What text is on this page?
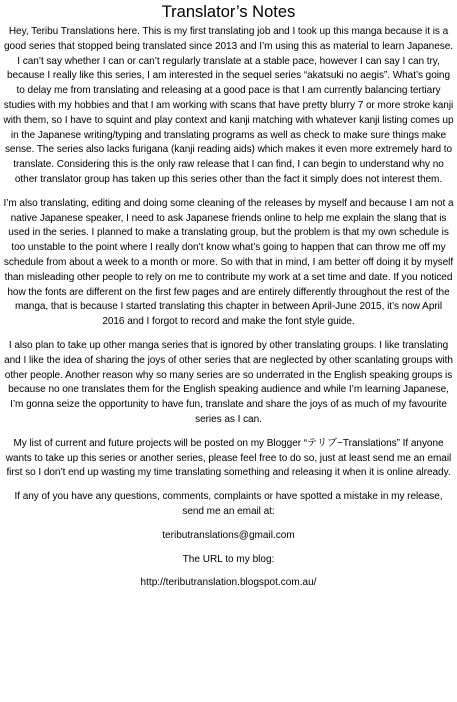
Translator’s Notes

Hey, Teribu Translations here. This is my first translating job and I took up this manga because it is a good series that stopped being translated since 2013 and I’m using this as material to learn Japanese. I can’t say whether I can or can’t regularly translate at a stable pace, however I can say I can try, because I really like this series, I am interested in the sequel series “akatsuki no aegis”. What’s going to delay me from translating and releasing at a good pace is that I am currently balancing tertiary studies with my hobbies and that I am working with scans that have pretty blurry 7 or more stroke kanji with them, so I have to squint and play context and kanji matching with whatever kanji listing comes up in the Japanese writing/typing and translating programs as well as check to make sure things make sense. The series also lacks furigana (kanji reading aids) which makes it even more extremely hard to translate. Considering this is the only raw release that I can find, I can begin to understand why no other translator group has taken up this series other than the fact it simply does not interest them.

I’m also translating, editing and doing some cleaning of the releases by myself and because I am not a native Japanese speaker, I need to ask Japanese friends online to help me explain the slang that is used in the series. I planned to make a translating group, but the problem is that my own schedule is too unstable to the point where I really don’t know what’s going to happen that can throw me off my schedule from about a week to a month or more. So with that in mind, I am better off doing it by myself than misleading other people to rely on me to contribute my work at a set time and date. If you noticed how the fonts are different on the first few pages and are entirely differently throughout the rest of the manga, that is because I started translating this chapter in between April-June 2015, it’s now April 2016 and I forgot to record and make the font style guide.

I also plan to take up other manga series that is ignored by other translating groups. I like translating and I like the idea of sharing the joys of other series that are neglected by other scanlating groups with other people. Another reason why so many series are so underrated in the English speaking groups is because no one translates them for the English speaking audience and while I’m learning Japanese, I’m gonna seize the opportunity to have fun, translate and share the joys of as much of my favourite series as I can.

My list of current and future projects will be posted on my Blogger “テリブ~Translations” If anyone wants to take up this series or another series, please feel free to do so, just at least send me an email first so I don’t end up wasting my time translating something and releasing it when it is online already.

If any of you have any questions, comments, complaints or have spotted a mistake in my release, send me an email at:

teributranslations@gmail.com

The URL to my blog:

http://teributranslation.blogspot.com.au/
